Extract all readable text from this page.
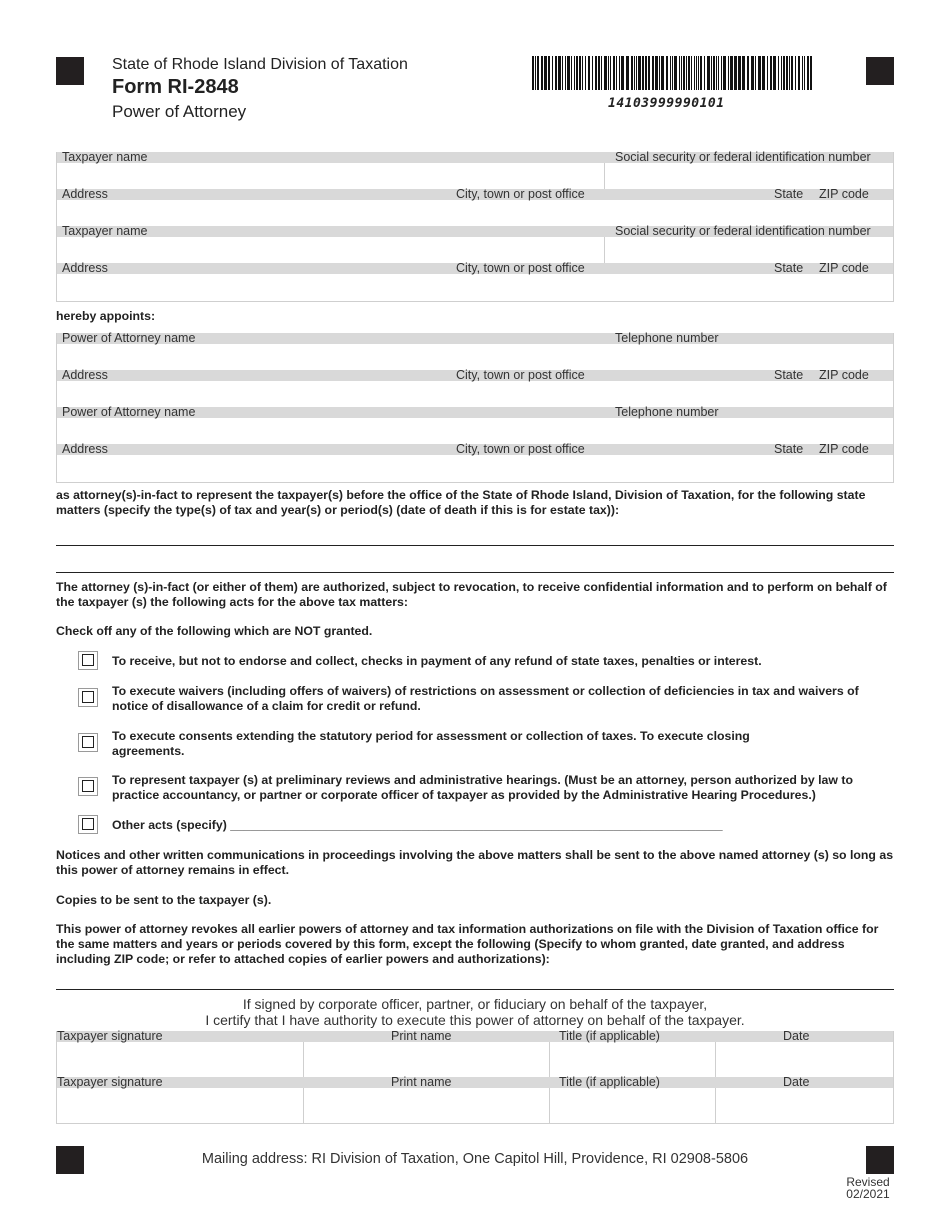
State of Rhode Island Division of Taxation
Form RI-2848
Power of Attorney	14103999990101
Taxpayer name	Social security or federal identification number
Address	City, town or post office	State ZIP code
Taxpayer name	Social security or federal identification number
Address	City, town or post office	State ZIP code
hereby appoints:
Power of Attorney name	Telephone number
Address	City, town or post office	State ZIP code
Power of Attorney name	Telephone number
Address	City, town or post office	State ZIP code
as attorney(s)-in-fact to represent the taxpayer(s) before the office of the State of Rhode Island, Division of Taxation, for the following state matters (specify the type(s) of tax and year(s) or period(s) (date of death if this is for estate tax)):
The attorney (s)-in-fact (or either of them) are authorized, subject to revocation, to receive confidential information and to perform on behalf of the taxpayer (s) the following acts for the above tax matters:
Check off any of the following which are NOT granted.
To receive, but not to endorse and collect, checks in payment of any refund of state taxes, penalties or interest.
To execute waivers (including offers of waivers) of restrictions on assessment or collection of deficiencies in tax and waivers of notice of disallowance of a claim for credit or refund.
To execute consents extending the statutory period for assessment or collection of taxes. To execute closing agreements.
To represent taxpayer (s) at preliminary reviews and administrative hearings. (Must be an attorney, person authorized by law to practice accountancy, or partner or corporate officer of taxpayer as provided by the Administrative Hearing Procedures.)
Other acts (specify) ________________________________________________________________________
Notices and other written communications in proceedings involving the above matters shall be sent to the above named attorney (s) so long as this power of attorney remains in effect.
Copies to be sent to the taxpayer (s).
This power of attorney revokes all earlier powers of attorney and tax information authorizations on file with the Division of Taxation office for the same matters and years or periods covered by this form, except the following (Specify to whom granted, date granted, and address including ZIP code; or refer to attached copies of earlier powers and authorizations):
If signed by corporate officer, partner, or fiduciary on behalf of the taxpayer,
I certify that I have authority to execute this power of attorney on behalf of the taxpayer.
Taxpayer signature	Print name	Title (if applicable)	Date
Taxpayer signature	Print name	Title (if applicable)	Date
Mailing address: RI Division of Taxation, One Capitol Hill, Providence, RI 02908-5806
Revised
02/2021
